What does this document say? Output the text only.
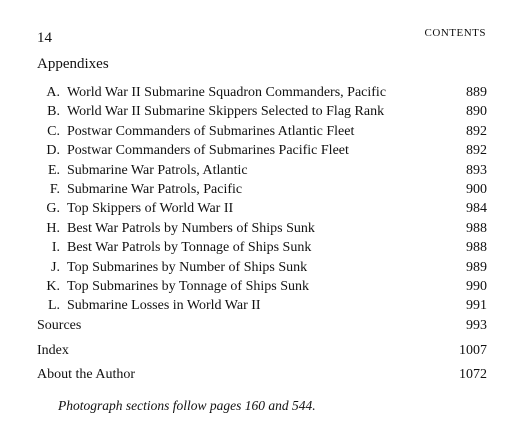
14	CONTENTS
Appendixes
A. World War II Submarine Squadron Commanders, Pacific	889
B. World War II Submarine Skippers Selected to Flag Rank	890
C. Postwar Commanders of Submarines Atlantic Fleet	892
D. Postwar Commanders of Submarines Pacific Fleet	892
E. Submarine War Patrols, Atlantic	893
F. Submarine War Patrols, Pacific	900
G. Top Skippers of World War II	984
H. Best War Patrols by Numbers of Ships Sunk	988
I. Best War Patrols by Tonnage of Ships Sunk	988
J. Top Submarines by Number of Ships Sunk	989
K. Top Submarines by Tonnage of Ships Sunk	990
L. Submarine Losses in World War II	991
Sources	993
Index	1007
About the Author	1072
Photograph sections follow pages 160 and 544.
